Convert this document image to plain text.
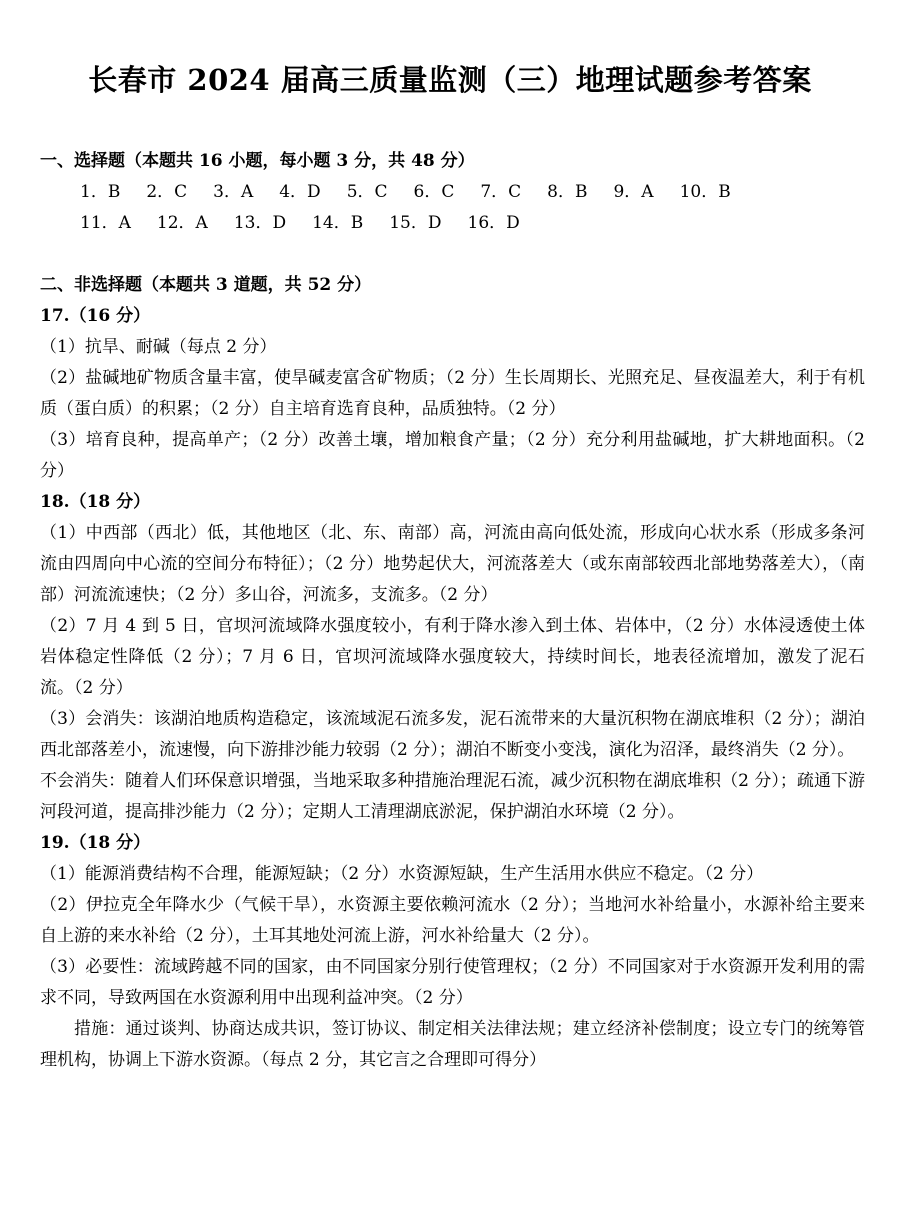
长春市 2024 届高三质量监测（三）地理试题参考答案
一、选择题（本题共 16 小题，每小题 3 分，共 48 分）
1．B 2．C 3．A 4．D 5．C 6．C 7．C 8．B 9．A 10．B
11．A 12．A 13．D 14．B 15．D 16．D
二、非选择题（本题共 3 道题，共 52 分）
17.（16 分）

（1）抗旱、耐碱（每点 2 分）

（2）盐碱地矿物质含量丰富，使旱碱麦富含矿物质；（2 分）生长周期长、光照充足、昼夜温差大，利于有机质（蛋白质）的积累；（2 分）自主培育选育良种，品质独特。（2 分）

（3）培育良种，提高单产；（2 分）改善土壤，增加粮食产量；（2 分）充分利用盐碱地，扩大耕地面积。（2 分）

18.（18 分）

（1）中西部（西北）低，其他地区（北、东、南部）高，河流由高向低处流，形成向心状水系（形成多条河流由四周向中心流的空间分布特征）；（2 分）地势起伏大，河流落差大（或东南部较西北部地势落差大），（南部）河流流速快；（2 分）多山谷，河流多，支流多。（2 分）

（2）7 月 4 到 5 日，官坝河流域降水强度较小，有利于降水渗入到土体、岩体中，（2 分）水体浸透使土体岩体稳定性降低（2 分）；7 月 6 日，官坝河流域降水强度较大，持续时间长，地表径流增加，激发了泥石流。（2 分）

（3）会消失：该湖泊地质构造稳定，该流域泥石流多发，泥石流带来的大量沉积物在湖底堆积（2 分）；湖泊西北部落差小，流速慢，向下游排沙能力较弱（2 分）；湖泊不断变小变浅，演化为沼泽，最终消失（2 分）。

不会消失：随着人们环保意识增强，当地采取多种措施治理泥石流，减少沉积物在湖底堆积（2 分）；疏通下游河段河道，提高排沙能力（2 分）；定期人工清理湖底淤泥，保护湖泊水环境（2 分）。

19.（18 分）

（1）能源消费结构不合理，能源短缺；（2 分）水资源短缺，生产生活用水供应不稳定。（2 分）

（2）伊拉克全年降水少（气候干旱），水资源主要依赖河流水（2 分）；当地河水补给量小，水源补给主要来自上游的来水补给（2 分），土耳其地处河流上游，河水补给量大（2 分）。

（3）必要性：流域跨越不同的国家，由不同国家分别行使管理权；（2 分）不同国家对于水资源开发利用的需求不同，导致两国在水资源利用中出现利益冲突。（2 分）

措施：通过谈判、协商达成共识，签订协议、制定相关法律法规；建立经济补偿制度；设立专门的统筹管理机构，协调上下游水资源。（每点 2 分，其它言之合理即可得分）
